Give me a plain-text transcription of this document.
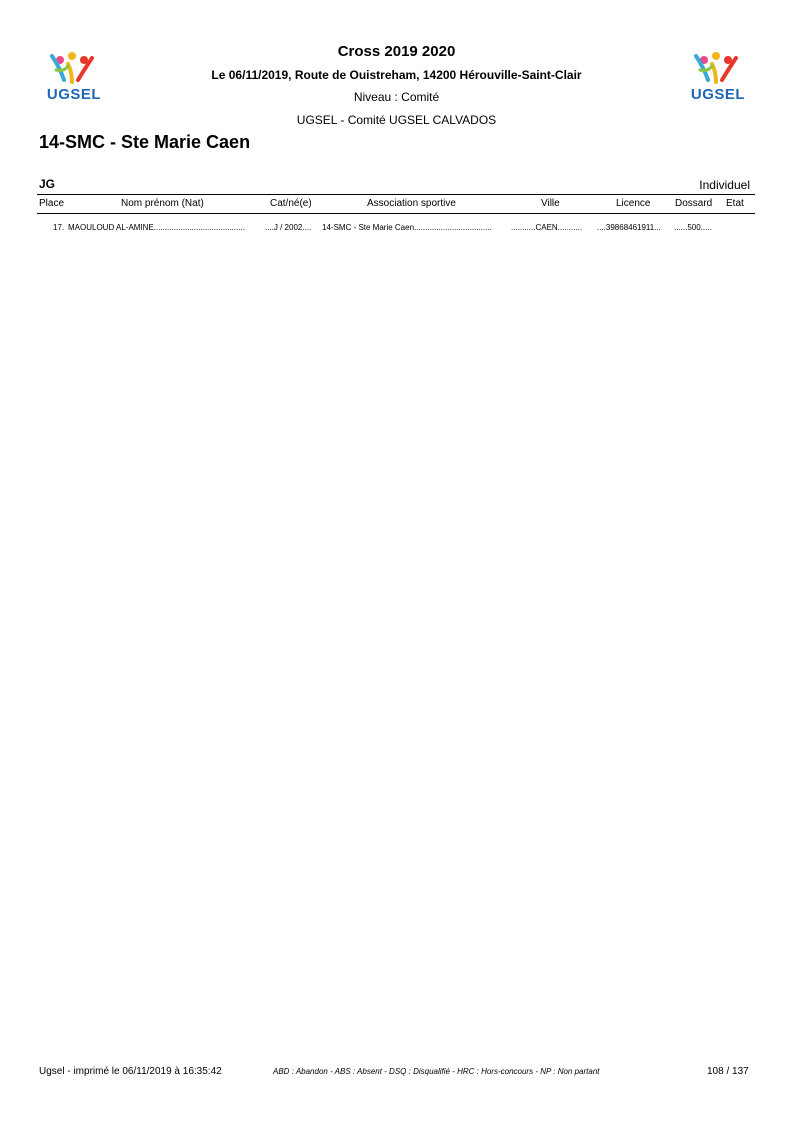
UGSEL	UGSEL
Cross 2019 2020
Le 06/11/2019, Route de Ouistreham, 14200 Hérouville-Saint-Clair
Niveau : Comité
UGSEL - Comité UGSEL CALVADOS
14-SMC - Ste Marie Caen
JG	Individuel
Place	Nom prénom (Nat)	Cat/né(e)	Association sportive	Ville	Licence Dossard Etat
17. MAOULOUD AL-AMINE.........................................	....J / 2002.... 14-SMC - Ste Marie Caen...................................	...........CAEN........... ....39868461911... ......500.....
Ugsel - imprimé le 06/11/2019 à 16:35:42	ABD : Abandon - ABS : Absent - DSQ : Disqualifié - HRC : Hors-concours - NP : Non partant	108 / 137
